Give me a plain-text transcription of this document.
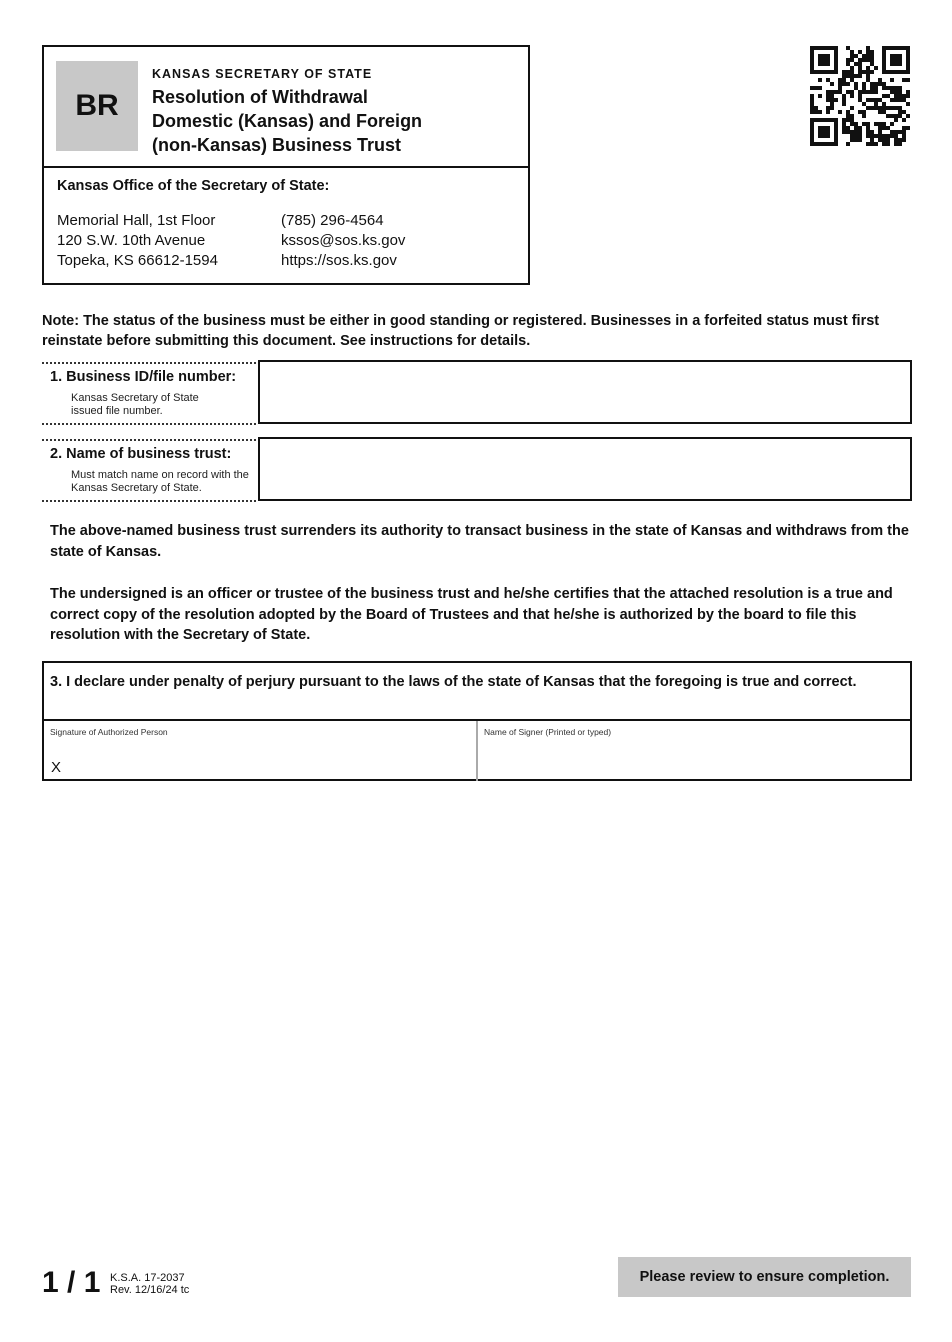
BR
KANSAS SECRETARY OF STATE
Resolution of Withdrawal
Domestic (Kansas) and Foreign
(non-Kansas) Business Trust
Kansas Office of the Secretary of State:
Memorial Hall, 1st Floor
120 S.W. 10th Avenue
Topeka, KS 66612-1594
(785) 296-4564
kssos@sos.ks.gov
https://sos.ks.gov
Note: The status of the business must be either in good standing or registered. Businesses in a forfeited status must first reinstate before submitting this document. See instructions for details.
1. Business ID/file number:
Kansas Secretary of State issued file number.
2. Name of business trust:
Must match name on record with the Kansas Secretary of State.
The above-named business trust surrenders its authority to transact business in the state of Kansas and withdraws from the state of Kansas.
The undersigned is an officer or trustee of the business trust and he/she certifies that the attached resolution is a true and correct copy of the resolution adopted by the Board of Trustees and that he/she is authorized by the board to file this resolution with the Secretary of State.
3. I declare under penalty of perjury pursuant to the laws of the state of Kansas that the foregoing is true and correct.
Signature of Authorized Person
X
Name of Signer (Printed or typed)
1 / 1 K.S.A. 17-2037
Rev. 12/16/24 tc
Please review to ensure completion.
